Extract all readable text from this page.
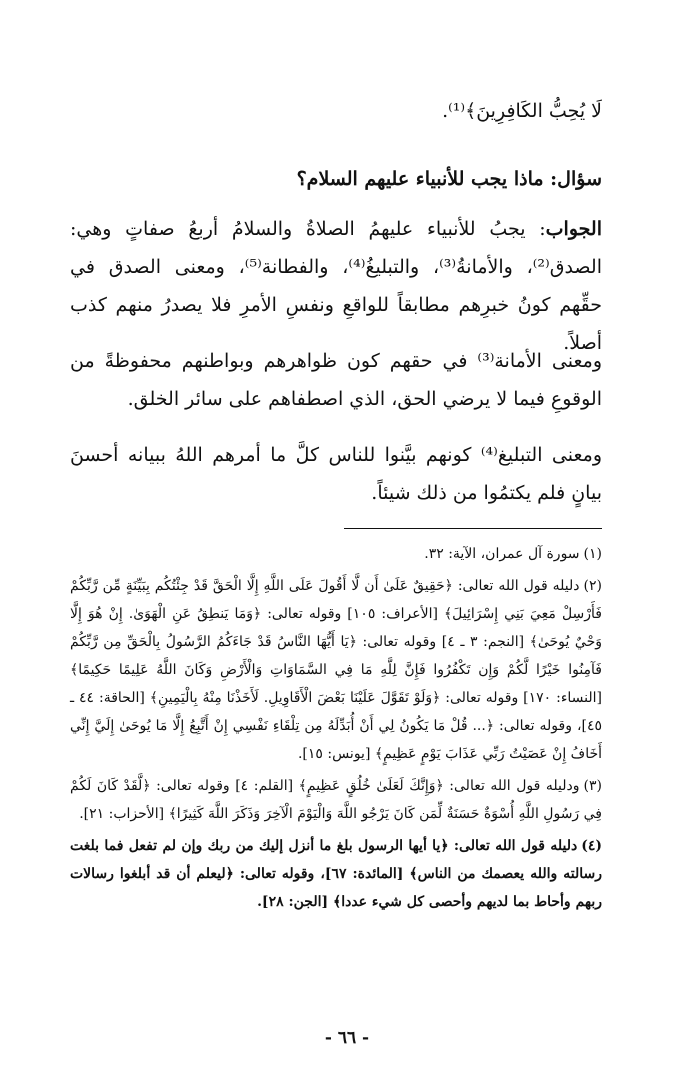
لَا يُحِبُّ الكَافِرِينَ﴾⁽¹⁾.
سؤال: ماذا يجب للأنبياء عليهم السلام؟
الجواب: يجبُ للأنبياء عليهمُ الصلاةُ والسلامُ أربعُ صفاتٍ وهي: الصدق⁽²⁾، والأمانةُ⁽³⁾، والتبليغُ⁽⁴⁾، والفطانة⁽⁵⁾، ومعنى الصدق في حقِّهم كونُ خبرِهم مطابقاً للواقعِ ونفسِ الأمرِ فلا يصدرُ منهم كذب أصلاً.
ومعنى الأمانة⁽³⁾ في حقهم كون ظواهرهم وبواطنهم محفوظةً من الوقوعِ فيما لا يرضي الحق، الذي اصطفاهم على سائر الخلق.
ومعنى التبليغ⁽⁴⁾ كونهم بيَّنوا للناس كلَّ ما أمرهم اللهُ ببيانه أحسنَ بيانٍ فلم يكتمُوا من ذلك شيئاً.

(١)سورة آل عمران، الآية: ٣٢.

(٢)دليله قول الله تعالى: ﴿حَقِيقٌ عَلَىٰ أَن لَّا أَقُولَ عَلَى اللَّهِ إِلَّا الْحَقَّ قَدْ جِئْتُكُم بِبَيِّنَةٍ مِّن رَّبِّكُمْ فَأَرْسِلْ مَعِيَ بَنِي إِسْرَائِيلَ﴾ [الأعراف: ١٠٥] وقوله تعالى: ﴿وَمَا يَنطِقُ عَنِ الْهَوَىٰ. إِنْ هُوَ إِلَّا وَحْيٌ يُوحَىٰ﴾ [النجم: ٣ ـ ٤] وقوله تعالى: ﴿يَا أَيُّهَا النَّاسُ قَدْ جَاءَكُمُ الرَّسُولُ بِالْحَقِّ مِن رَّبِّكُمْ فَآمِنُوا خَيْرًا لَّكُمْ وَإِن تَكْفُرُوا فَإِنَّ لِلَّهِ مَا فِي السَّمَاوَاتِ وَالْأَرْضِ وَكَانَ اللَّهُ عَلِيمًا حَكِيمًا﴾ [النساء: ١٧٠] وقوله تعالى: ﴿وَلَوْ تَقَوَّلَ عَلَيْنَا بَعْضَ الْأَقَاوِيلِ. لَأَخَذْنَا مِنْهُ بِالْيَمِينِ﴾ [الحاقة: ٤٤ ـ ٤٥]، وقوله تعالى: ﴿... قُلْ مَا يَكُونُ لِي أَنْ أُبَدِّلَهُ مِن تِلْقَاءِ نَفْسِي إِنْ أَتَّبِعُ إِلَّا مَا يُوحَىٰ إِلَيَّ إِنِّي أَخَافُ إِنْ عَصَيْتُ رَبِّي عَذَابَ يَوْمٍ عَظِيمٍ﴾ [يونس: ١٥].

(٣)ودليله قول الله تعالى: ﴿وَإِنَّكَ لَعَلَىٰ خُلُقٍ عَظِيمٍ﴾ [القلم: ٤] وقوله تعالى: ﴿لَّقَدْ كَانَ لَكُمْ فِي رَسُولِ اللَّهِ أُسْوَةٌ حَسَنَةٌ لِّمَن كَانَ يَرْجُو اللَّهَ وَالْيَوْمَ الْآخِرَ وَذَكَرَ اللَّهَ كَثِيرًا﴾ [الأحزاب: ٢١].

(٤)دليله قول الله تعالى: ﴿يا أيها الرسول بلغ ما أنزل إليك من ربك وإن لم تفعل فما بلغت رسالته والله يعصمك من الناس﴾ [المائدة: ٦٧]، وقوله تعالى: ﴿ليعلم أن قد أبلغوا رسالات ربهم وأحاط بما لديهم وأحصى كل شيء عددا﴾ [الجن: ٢٨].

- ٦٦ -
